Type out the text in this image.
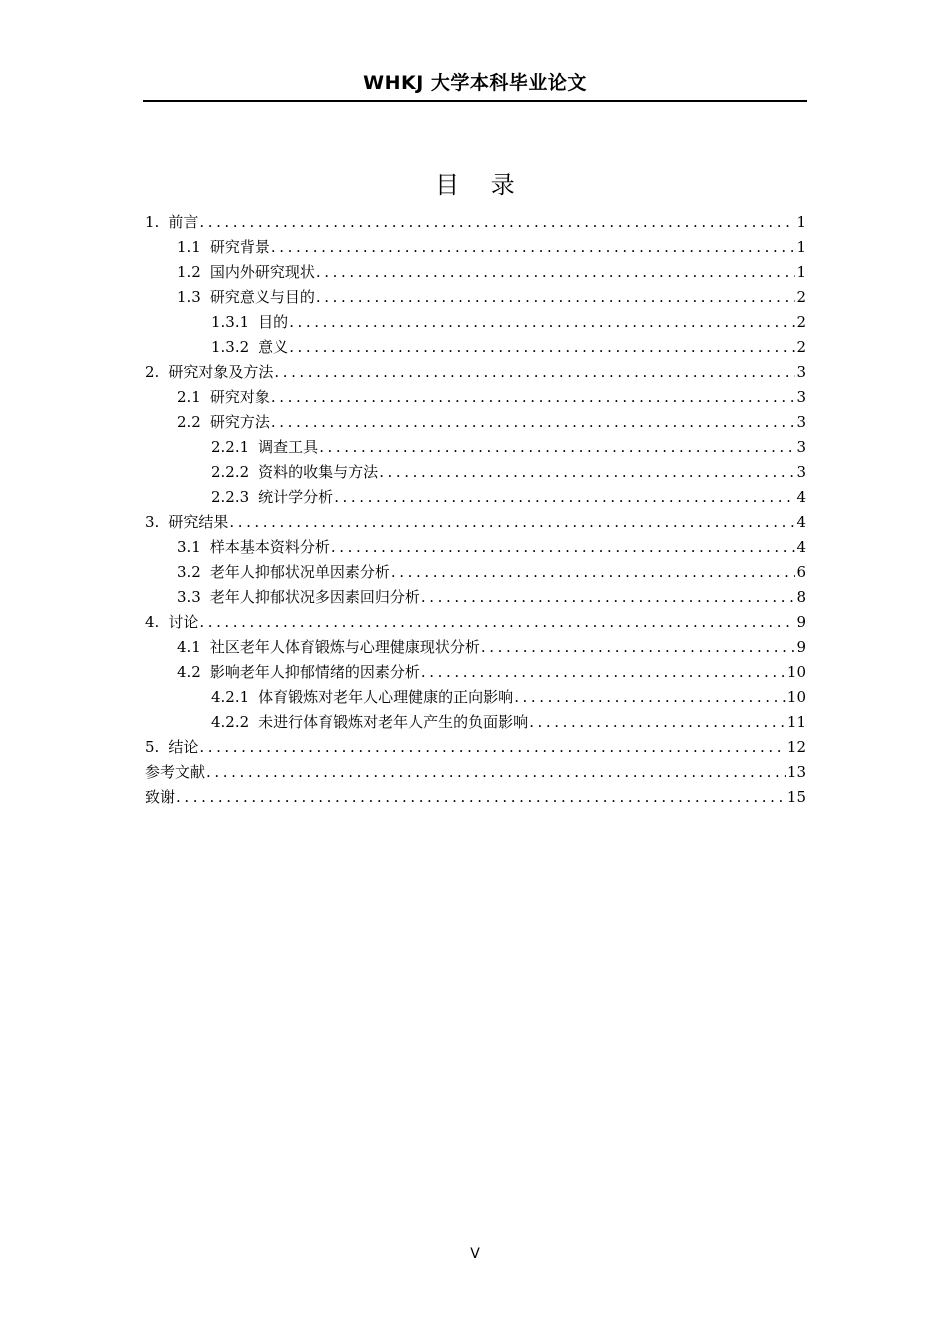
WHKJ 大学本科毕业论文
目 录
1. 前言 .....	1
1.1 研究背景 .....	1
1.2 国内外研究现状 .....	1
1.3 研究意义与目的 .....	2
1.3.1 目的 .....	2
1.3.2 意义 .....	2
2. 研究对象及方法 .....	3
2.1 研究对象 .....	3
2.2 研究方法 .....	3
2.2.1 调查工具 .....	3
2.2.2 资料的收集与方法 .....	3
2.2.3 统计学分析 .....	4
3. 研究结果 .....	4
3.1 样本基本资料分析 .....	4
3.2 老年人抑郁状况单因素分析 .....	6
3.3 老年人抑郁状况多因素回归分析 .....	8
4. 讨论 .....	9
4.1 社区老年人体育锻炼与心理健康现状分析 .....	9
4.2 影响老年人抑郁情绪的因素分析 .....	10
4.2.1 体育锻炼对老年人心理健康的正向影响 .....	10
4.2.2 未进行体育锻炼对老年人产生的负面影响 .....	11
5. 结论 .....	12
参考文献 .....	13
致谢 .....	15
V
